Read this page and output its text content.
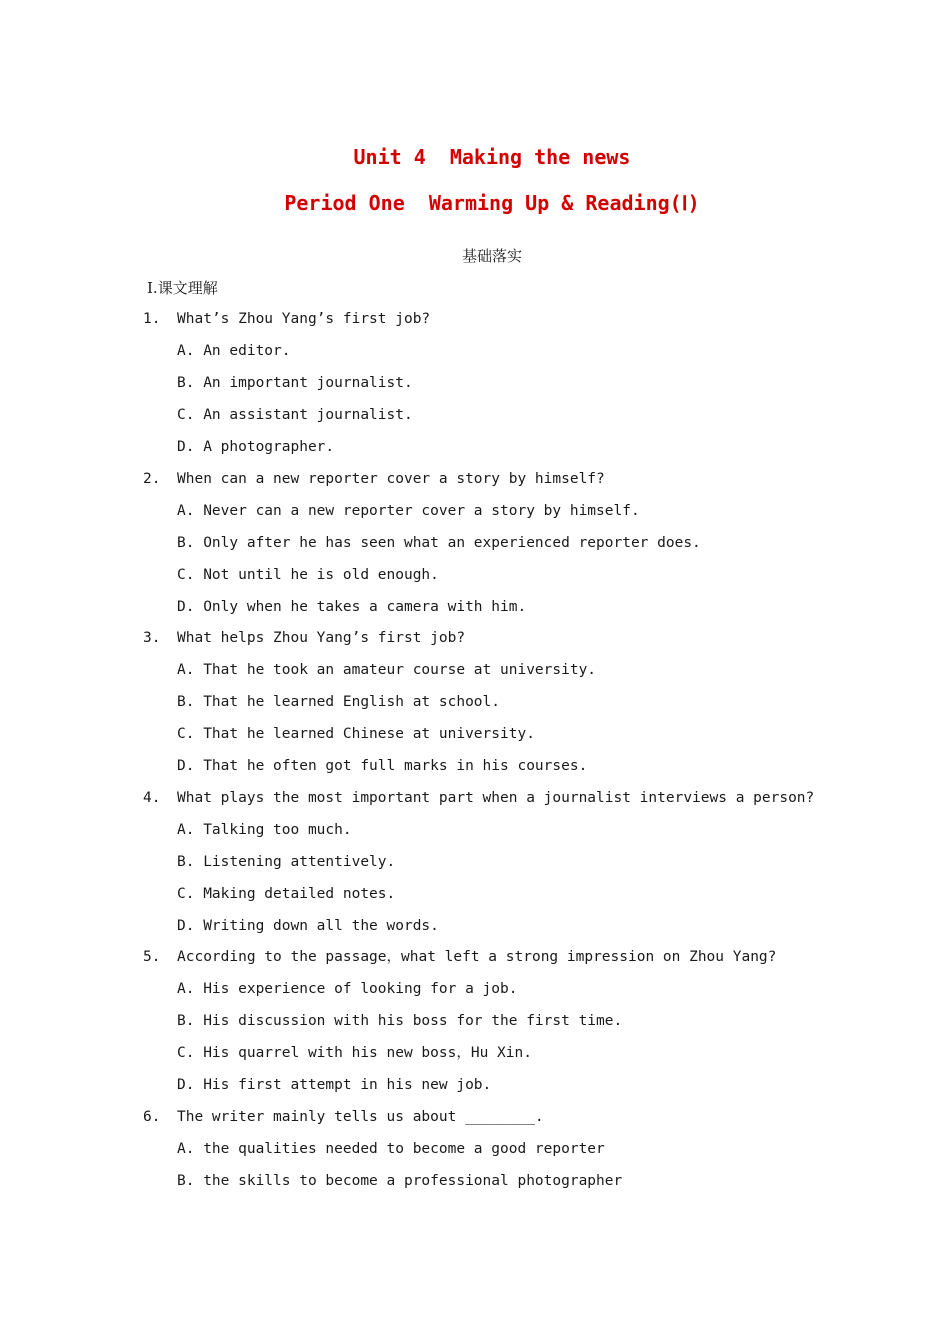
Unit 4  Making the news
Period One  Warming Up & Reading(Ⅰ)
基础落实
Ⅰ.课文理解
1. What’s Zhou Yang’s first job?
A. An editor.
B. An important journalist.
C. An assistant journalist.
D. A photographer.
2. When can a new reporter cover a story by himself?
A. Never can a new reporter cover a story by himself.
B. Only after he has seen what an experienced reporter does.
C. Not until he is old enough.
D. Only when he takes a camera with him.
3. What helps Zhou Yang’s first job?
A. That he took an amateur course at university.
B. That he learned English at school.
C. That he learned Chinese at university.
D. That he often got full marks in his courses.
4. What plays the most important part when a journalist interviews a person?
A. Talking too much.
B. Listening attentively.
C. Making detailed notes.
D. Writing down all the words.
5. According to the passage，what left a strong impression on Zhou Yang?
A. His experience of looking for a job.
B. His discussion with his boss for the first time.
C. His quarrel with his new boss，Hu Xin.
D. His first attempt in his new job.
6. The writer mainly tells us about ________.
A. the qualities needed to become a good reporter
B. the skills to become a professional photographer
